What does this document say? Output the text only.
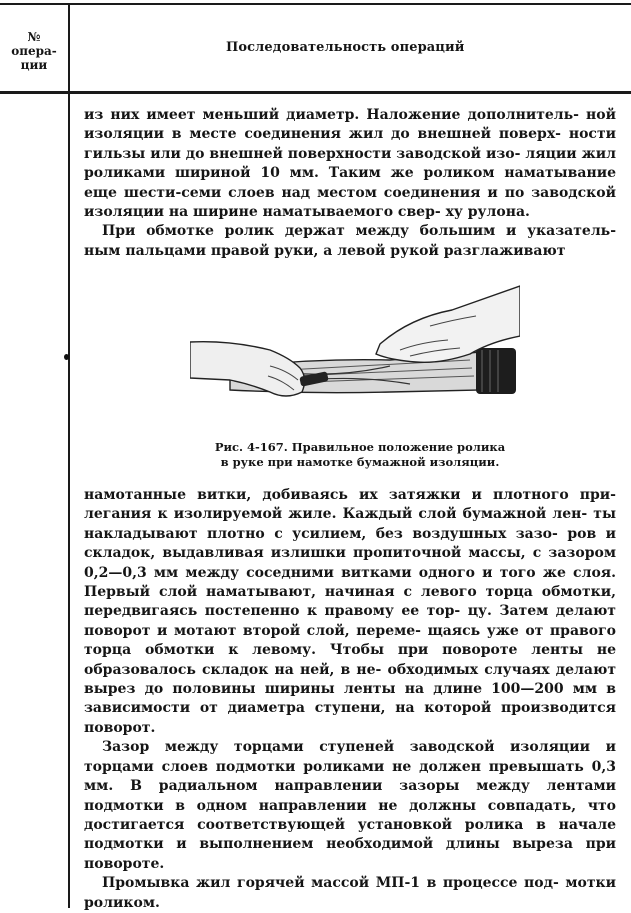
№
опера-
ции
Последовательность операций

из них имеет меньший диаметр. Наложение дополнитель- ной изоляции в месте соединения жил до внешней поверх- ности гильзы или до внешней поверхности заводской изо- ляции жил роликами шириной 10 мм. Таким же роликом наматывание еще шести-семи слоев над местом соединения и по заводской изоляции на ширине наматываемого свер- ху рулона.

При обмотке ролик держат между большим и указатель- ным пальцами правой руки, а левой рукой разглаживают

Рис. 4-167. Правильное положение ролика
в руке при намотке бумажной изоляции.

намотанные витки, добиваясь их затяжки и плотного при- легания к изолируемой жиле. Каждый слой бумажной лен- ты накладывают плотно с усилием, без воздушных зазо- ров и складок, выдавливая излишки пропиточной массы, с зазором 0,2—0,3 мм между соседними витками одного и того же слоя. Первый слой наматывают, начиная с левого торца обмотки, передвигаясь постепенно к правому ее тор- цу. Затем делают поворот и мотают второй слой, переме- щаясь уже от правого торца обмотки к левому. Чтобы при повороте ленты не образовалось складок на ней, в не- обходимых случаях делают вырез до половины ширины ленты на длине 100—200 мм в зависимости от диаметра ступени, на которой производится поворот.

Зазор между торцами ступеней заводской изоляции и торцами слоев подмотки роликами не должен превышать 0,3 мм. В радиальном направлении зазоры между лентами подмотки в одном направлении не должны совпадать, что достигается соответствующей установкой ролика в начале подмотки и выполнением необходимой длины выреза при повороте.

Промывка жил горячей массой МП-1 в процессе под- мотки роликом.
